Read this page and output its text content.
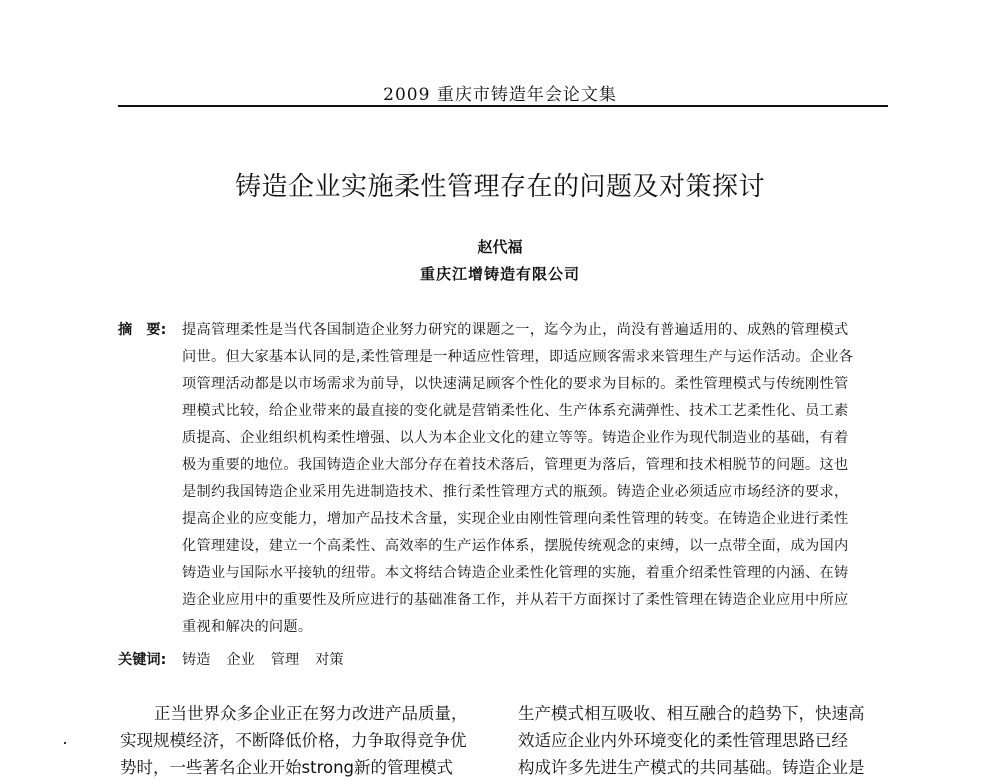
2009 重庆市铸造年会论文集
铸造企业实施柔性管理存在的问题及对策探讨
赵代福
重庆江增铸造有限公司
摘　要:	提高管理柔性是当代各国制造企业努力研究的课题之一，迄今为止，尚没有普遍适用的、成熟的管理模式
问世。但大家基本认同的是,柔性管理是一种适应性管理，即适应顾客需求来管理生产与运作活动。企业各
项管理活动都是以市场需求为前导，以快速满足顾客个性化的要求为目标的。柔性管理模式与传统刚性管
理模式比较，给企业带来的最直接的变化就是营销柔性化、生产体系充满弹性、技术工艺柔性化、员工素
质提高、企业组织机构柔性增强、以人为本企业文化的建立等等。铸造企业作为现代制造业的基础，有着
极为重要的地位。我国铸造企业大部分存在着技术落后，管理更为落后，管理和技术相脱节的问题。这也
是制约我国铸造企业采用先进制造技术、推行柔性管理方式的瓶颈。铸造企业必须适应市场经济的要求，
提高企业的应变能力，增加产品技术含量，实现企业由刚性管理向柔性管理的转变。在铸造企业进行柔性
化管理建设，建立一个高柔性、高效率的生产运作体系，摆脱传统观念的束缚，以一点带全面，成为国内
铸造业与国际水平接轨的纽带。本文将结合铸造企业柔性化管理的实施，着重介绍柔性管理的内涵、在铸
造企业应用中的重要性及所应进行的基础准备工作，并从若干方面探讨了柔性管理在铸造企业应用中所应
重视和解决的问题。
关键词:	铸造 企业 管理 对策
正当世界众多企业正在努力改进产品质量，
实现规模经济，不断降低价格，力争取得竞争优
势时，一些著名企业开始strong新的管理模式
生产模式相互吸收、相互融合的趋势下，快速高
效适应企业内外环境变化的柔性管理思路已经
构成许多先进生产模式的共同基础。铸造企业是
